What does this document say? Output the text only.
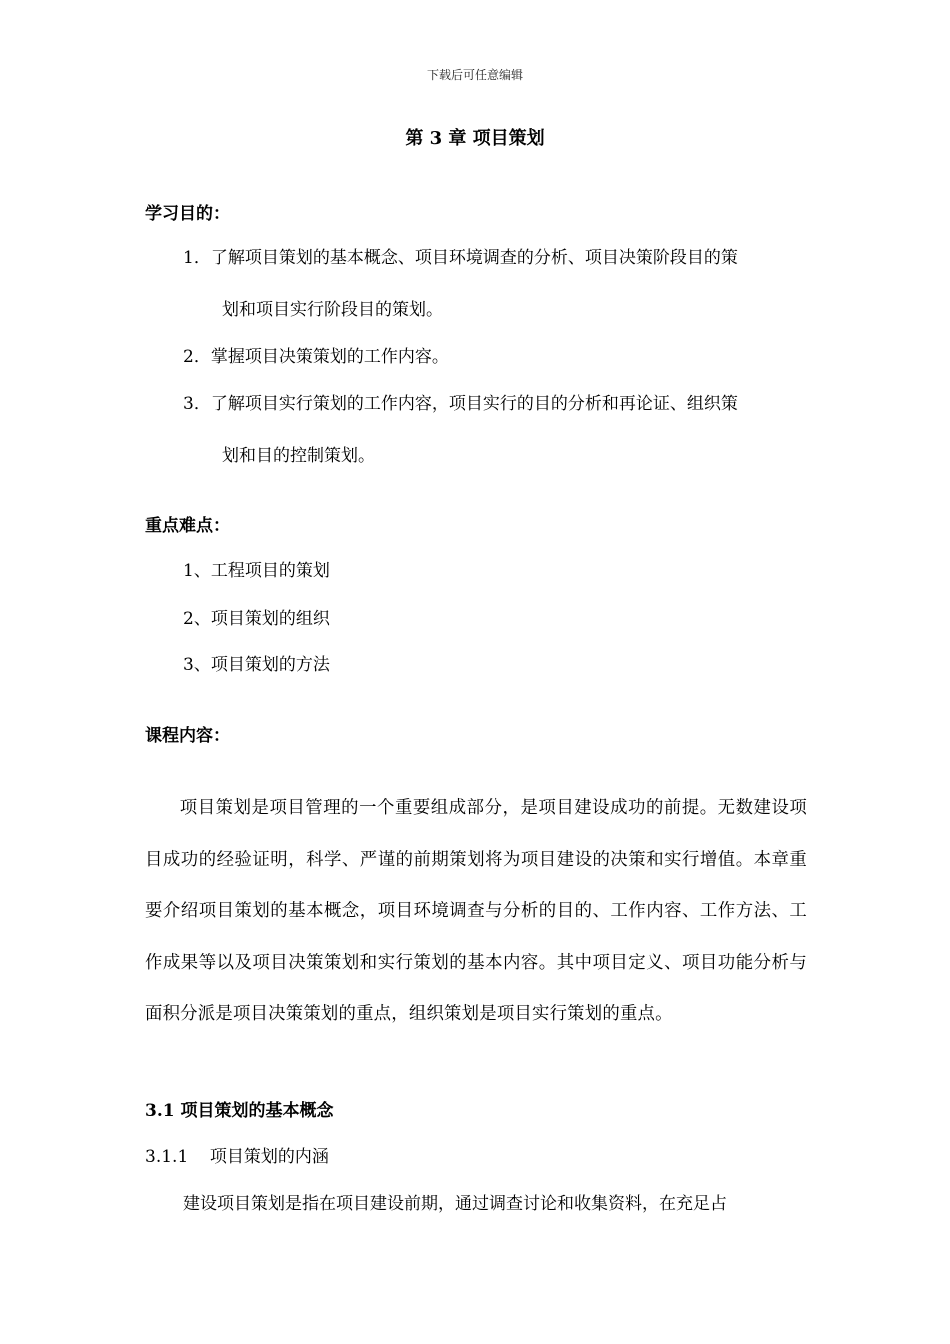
下载后可任意编辑
第 3 章 项目策划
学习目的：
1．了解项目策划的基本概念、项目环境调查的分析、项目决策阶段目的策
划和项目实行阶段目的策划。
2．掌握项目决策策划的工作内容。
3．了解项目实行策划的工作内容，项目实行的目的分析和再论证、组织策
划和目的控制策划。
重点难点：
1、工程项目的策划
2、项目策划的组织
3、项目策划的方法
课程内容：

项目策划是项目管理的一个重要组成部分，是项目建设成功的前提。无数建设项目成功的经验证明，科学、严谨的前期策划将为项目建设的决策和实行增值。本章重要介绍项目策划的基本概念，项目环境调查与分析的目的、工作内容、工作方法、工作成果等以及项目决策策划和实行策划的基本内容。其中项目定义、项目功能分析与面积分派是项目决策策划的重点，组织策划是项目实行策划的重点。

3.1 项目策划的基本概念
3.1.1    项目策划的内涵
建设项目策划是指在项目建设前期，通过调查讨论和收集资料，在充足占
